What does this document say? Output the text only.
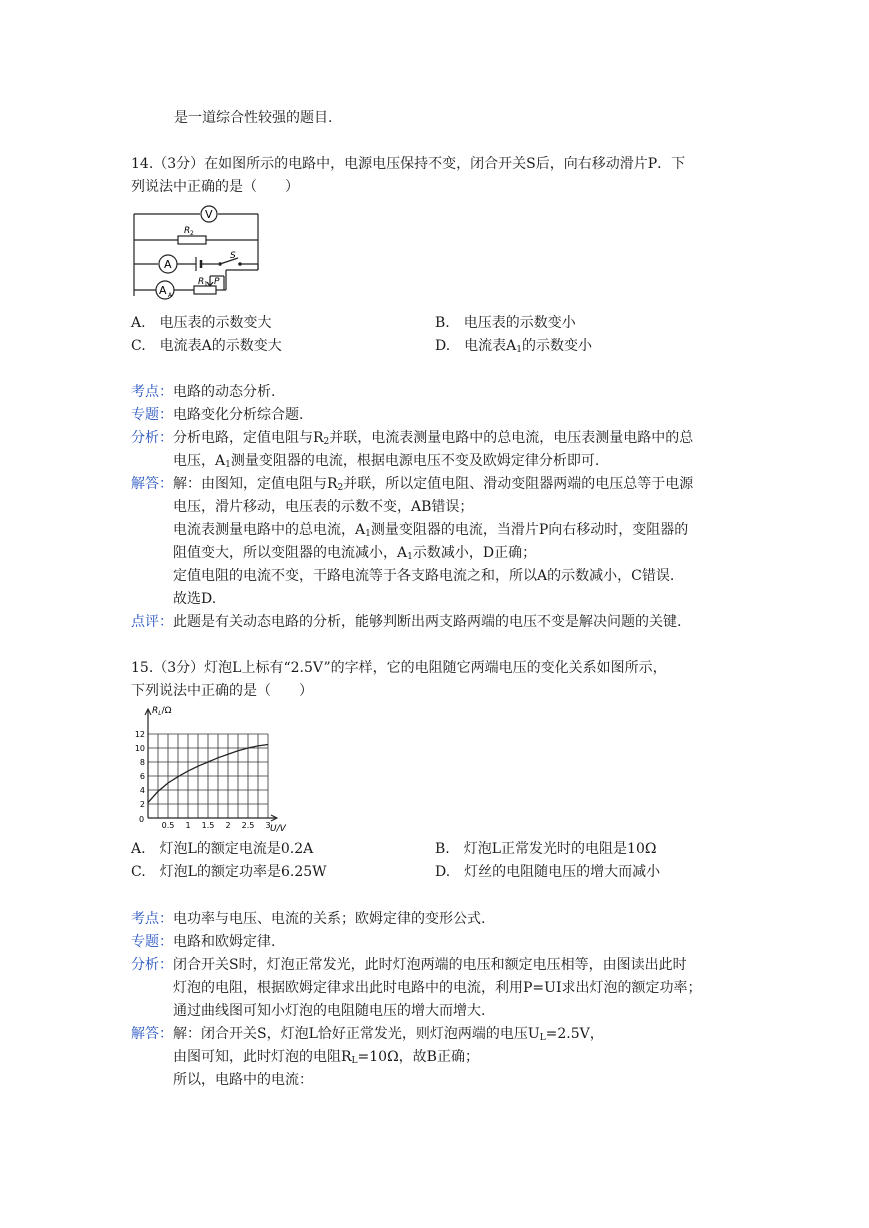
是一道综合性较强的题目.
14.（3分）在如图所示的电路中，电源电压保持不变，闭合开关S后，向右移动滑片P．下
列说法中正确的是（　　）
V
A
A A
R 2
R 1 P
S
A.　电压表的示数变大	B.　电压表的示数变小
C.　电流表A的示数变大	D.　电流表$A_1$的示数变小
考点：电路的动态分析.
专题：电路变化分析综合题.
分析：分析电路，定值电阻与$R_2$并联，电流表测量电路中的总电流，电压表测量电路中的总
电压，$A_1$测量变阻器的电流，根据电源电压不变及欧姆定律分析即可.
解答：解：由图知，定值电阻与$R_2$并联，所以定值电阻、滑动变阻器两端的电压总等于电源
电压，滑片移动，电压表的示数不变，AB错误；
电流表测量电路中的总电流，$A_1$测量变阻器的电流，当滑片P向右移动时，变阻器的
阻值变大，所以变阻器的电流减小，$A_1$示数减小，D正确；
定值电阻的电流不变，干路电流等于各支路电流之和，所以A的示数减小，C错误.
故选D.
点评：此题是有关动态电路的分析，能够判断出两支路两端的电压不变是解决问题的关键.
15.（3分）灯泡L上标有“2.5V”的字样，它的电阻随它两端电压的变化关系如图所示，
下列说法中正确的是（　　）
2
4
6
8
10
12
0.5 1 1.5 2 2.5 3
$R_L/\Omega$
U/V
0
A.　灯泡L的额定电流是0.2A	B.　灯泡L正常发光时的电阻是10Ω
C.　灯泡L的额定功率是6.25W	D.　灯丝的电阻随电压的增大而减小
考点：电功率与电压、电流的关系；欧姆定律的变形公式.
专题：电路和欧姆定律.
分析：闭合开关S时，灯泡正常发光，此时灯泡两端的电压和额定电压相等，由图读出此时
灯泡的电阻，根据欧姆定律求出此时电路中的电流，利用P=UI求出灯泡的额定功率；
通过曲线图可知小灯泡的电阻随电压的增大而增大.
解答：解：闭合开关S，灯泡L恰好正常发光，则灯泡两端的电压$U_L=2.5V$，
由图可知，此时灯泡的电阻$R_L=10\Omega$，故B正确；
所以，电路中的电流：
